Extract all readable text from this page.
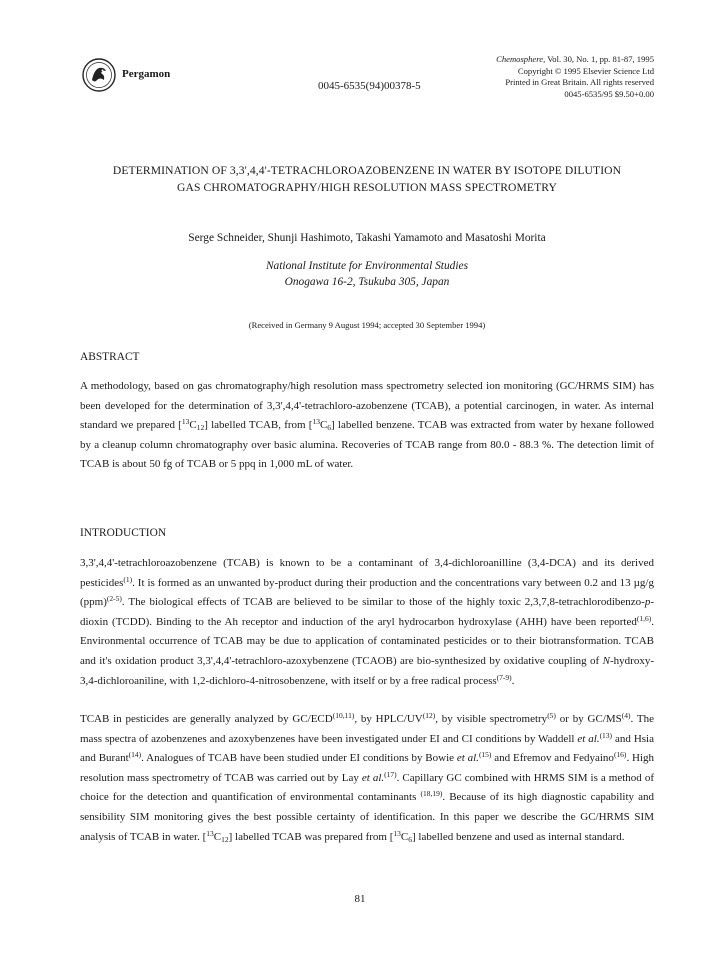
Pergamon
0045-6535(94)00378-5
Chemosphere, Vol. 30, No. 1, pp. 81-87, 1995
Copyright © 1995 Elsevier Science Ltd
Printed in Great Britain. All rights reserved
0045-6535/95 $9.50+0.00
DETERMINATION OF 3,3',4,4'-TETRACHLOROAZOBENZENE IN WATER BY ISOTOPE DILUTION
GAS CHROMATOGRAPHY/HIGH RESOLUTION MASS SPECTROMETRY
Serge Schneider, Shunji Hashimoto, Takashi Yamamoto and Masatoshi Morita
National Institute for Environmental Studies
Onogawa 16-2, Tsukuba 305, Japan
(Received in Germany 9 August 1994; accepted 30 September 1994)
ABSTRACT
A methodology, based on gas chromatography/high resolution mass spectrometry selected ion monitoring (GC/HRMS SIM) has been developed for the determination of 3,3',4,4'-tetrachloro-azobenzene (TCAB), a potential carcinogen, in water. As internal standard we prepared $[^{13}C_{12}]$ labelled TCAB, from $[^{13}C_6]$ labelled benzene. TCAB was extracted from water by hexane followed by a cleanup column chromatography over basic alumina. Recoveries of TCAB range from 80.0 - 88.3 %. The detection limit of TCAB is about 50 fg of TCAB or 5 ppq in 1,000 mL of water.
INTRODUCTION
3,3',4,4'-tetrachloroazobenzene (TCAB) is known to be a contaminant of 3,4-dichloroanilline (3,4-DCA) and its derived pesticides$^{(1)}$. It is formed as an unwanted by-product during their production and the concentrations vary between 0.2 and 13 µg/g (ppm)$^{(2-5)}$. The biological effects of TCAB are believed to be similar to those of the highly toxic 2,3,7,8-tetrachlorodibenzo-p-dioxin (TCDD). Binding to the Ah receptor and induction of the aryl hydrocarbon hydroxylase (AHH) have been reported$^{(1,6)}$. Environmental occurrence of TCAB may be due to application of contaminated pesticides or to their biotransformation. TCAB and it's oxidation product 3,3',4,4'-tetrachloro-azoxybenzene (TCAOB) are bio-synthesized by oxidative coupling of N-hydroxy-3,4-dichloroaniline, with 1,2-dichloro-4-nitrosobenzene, with itself or by a free radical process$^{(7-9)}$.
TCAB in pesticides are generally analyzed by GC/ECD$^{(10,11)}$, by HPLC/UV$^{(12)}$, by visible spectrometry$^{(5)}$ or by GC/MS$^{(4)}$. The mass spectra of azobenzenes and azoxybenzenes have been investigated under EI and CI conditions by Waddell et al.$^{(13)}$ and Hsia and Burant$^{(14)}$. Analogues of TCAB have been studied under EI conditions by Bowie et al.$^{(15)}$ and Efremov and Fedyaino$^{(16)}$. High resolution mass spectrometry of TCAB was carried out by Lay et al.$^{(17)}$. Capillary GC combined with HRMS SIM is a method of choice for the detection and quantification of environmental contaminants $^{(18,19)}$. Because of its high diagnostic capability and sensibility SIM monitoring gives the best possible certainty of identification. In this paper we describe the GC/HRMS SIM analysis of TCAB in water. $[^{13}C_{12}]$ labelled TCAB was prepared from $[^{13}C_6]$ labelled benzene and used as internal standard.
81
